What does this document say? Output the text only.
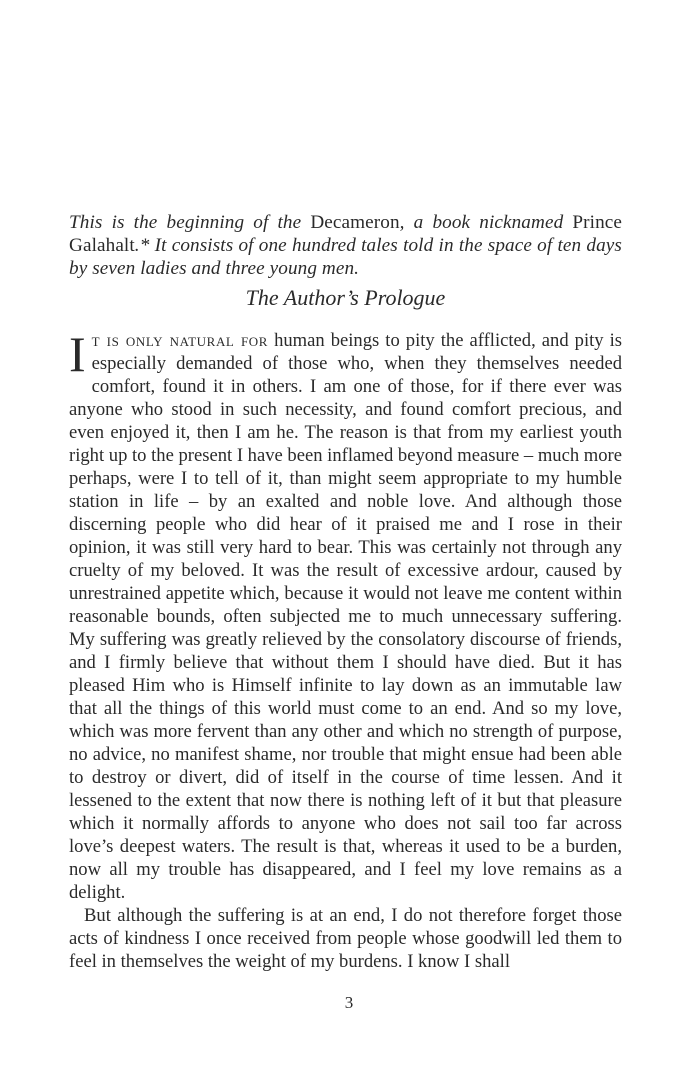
This is the beginning of the Decameron, a book nicknamed Prince Galahalt.* It consists of one hundred tales told in the space of ten days by seven ladies and three young men.
The Author’s Prologue

It is only natural for human beings to pity the afflicted, and pity is especially demanded of those who, when they themselves needed comfort, found it in others. I am one of those, for if there ever was anyone who stood in such necessity, and found comfort precious, and even enjoyed it, then I am he. The reason is that from my earliest youth right up to the present I have been inflamed beyond measure – much more perhaps, were I to tell of it, than might seem appropriate to my humble station in life – by an exalted and noble love. And although those discerning people who did hear of it praised me and I rose in their opinion, it was still very hard to bear. This was certainly not through any cruelty of my beloved. It was the result of excessive ardour, caused by unrestrained appetite which, because it would not leave me content within reasonable bounds, often subjected me to much unnecessary suffering. My suffering was greatly relieved by the consolatory discourse of friends, and I firmly believe that without them I should have died. But it has pleased Him who is Himself infinite to lay down as an immutable law that all the things of this world must come to an end. And so my love, which was more fervent than any other and which no strength of purpose, no advice, no manifest shame, nor trouble that might ensue had been able to destroy or divert, did of itself in the course of time lessen. And it lessened to the extent that now there is nothing left of it but that pleasure which it normally affords to anyone who does not sail too far across love’s deepest waters. The result is that, whereas it used to be a burden, now all my trouble has disappeared, and I feel my love remains as a delight.

But although the suffering is at an end, I do not therefore forget those acts of kindness I once received from people whose goodwill led them to feel in themselves the weight of my burdens. I know I shall

3
